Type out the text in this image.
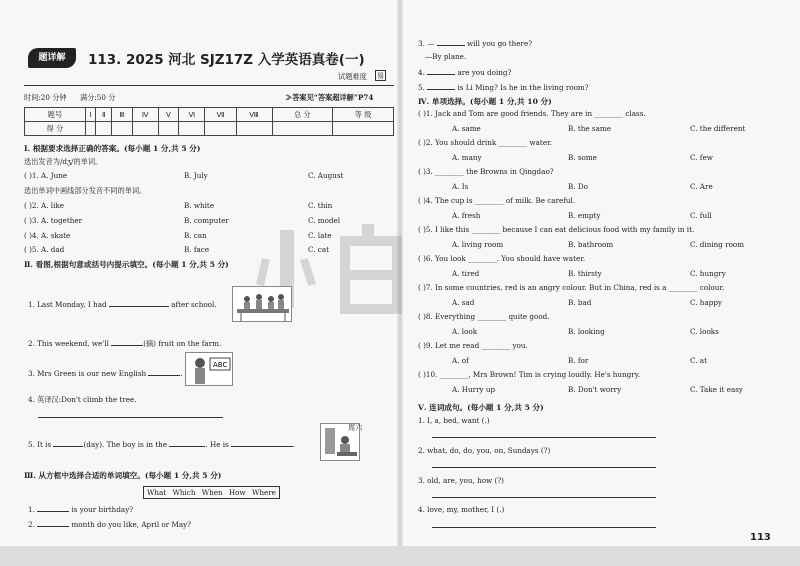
题详解	113. 2025 河北 SJZ17Z 入学英语真卷(一)
试题难度 易
时间:20 分钟 满分:50 分	≫答案见“答案超详解”P74
题号	Ⅰ	Ⅱ	Ⅲ	Ⅳ	Ⅴ	Ⅵ	Ⅶ	Ⅷ	总 分	等 级
得 分										
Ⅰ. 根据要求选择正确的答案。(每小题 1 分,共 5 分)
选出发音为/dʒ/的单词。
( )1. A. June	B. July	C. August
选出单词中画线部分发音不同的单词。
( )2. A. like	B. white	C. thin
( )3. A. together	B. computer	C. model
( )4. A. skate	B. can	C. late
( )5. A. dad	B. face	C. cat
Ⅱ. 看图,根据句意或括号内提示填空。(每小题 1 分,共 5 分)
1. Last Monday, I had	after school.
2. This weekend, we'll	(摘) fruit on the farm.
3. Mrs Green is our new English	.
ABC
4. 英译汉:Don't climb the tree.
5. It is	(day). The boy is in the	. He is	.
周六
Ⅲ. 从方框中选择合适的单词填空。(每小题 1 分,共 5 分)
What Which When How Where
1.	is your birthday?
2.	month do you like, April or May?
3. —	will you go there?
—By plane.
4.	are you doing?
5.	is Li Ming? Is he in the living room?
Ⅳ. 单项选择。(每小题 1 分,共 10 分)
( )1. Jack and Tom are good friends. They are in ________ class.
A. same	B. the same	C. the different
( )2. You should drink ________ water.
A. many	B. some	C. few
( )3. ________ the Browns in Qingdao?
A. Is	B. Do	C. Are
( )4. The cup is ________ of milk. Be careful.
A. fresh	B. empty	C. full
( )5. I like this ________ because I can eat delicious food with my family in it.
A. living room	B. bathroom	C. dining room
( )6. You look ________. You should have water.
A. tired	B. thirsty	C. hungry
( )7. In some countries, red is an angry colour. But in China, red is a ________ colour.
A. sad	B. bad	C. happy
( )8. Everything ________ quite good.
A. look	B. looking	C. looks
( )9. Let me read ________ you.
A. of	B. for	C. at
( )10. ________, Mrs Brown! Tim is crying loudly. He's hungry.
A. Hurry up	B. Don't worry	C. Take it easy
Ⅴ. 连词成句。(每小题 1 分,共 5 分)
1. I, a, bed, want (.)
2. what, do, do, you, on, Sundays (?)
3. old, are, you, how (?)
4. love, my, mother, I (.)
113
